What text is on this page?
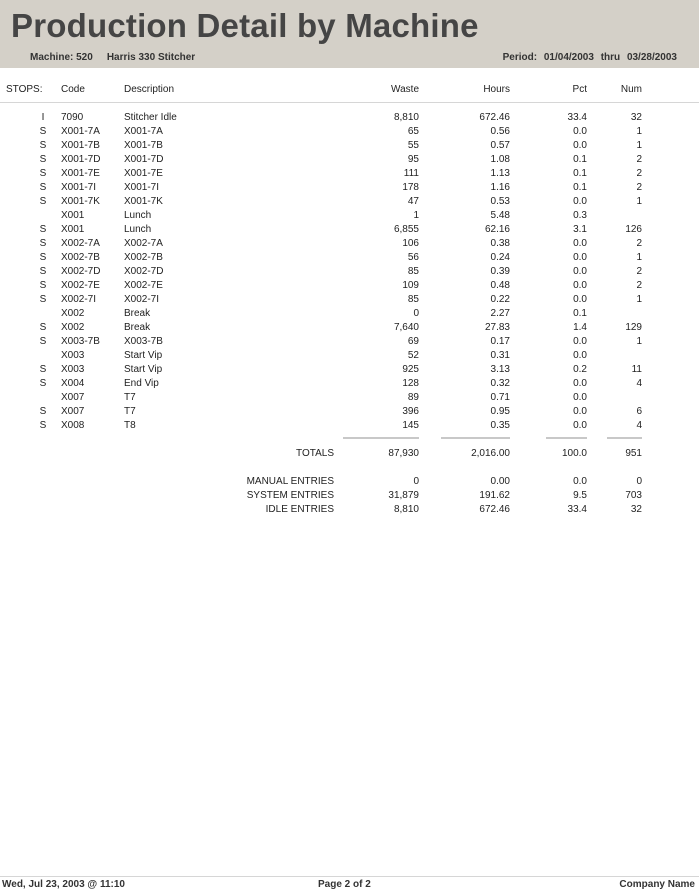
Production Detail by Machine
Machine: 520 Harris 330 Stitcher	Period: 01/04/2003 thru 03/28/2003
STOPS: Code	Description	Waste	Hours	Pct	Num
I	7090	Stitcher Idle	8,810	672.46	33.4	32
S X001-7A X001-7A	65	0.56	0.0	1
S X001-7B X001-7B	55	0.57	0.0	1
S X001-7D X001-7D	95	1.08	0.1	2
S X001-7E X001-7E	111	1.13	0.1	2
S X001-7I	X001-7I	178	1.16	0.1	2
S X001-7K X001-7K	47	0.53	0.0	1
X001	Lunch	1	5.48	0.3
S X001	Lunch	6,855	62.16	3.1	126
S X002-7A X002-7A	106	0.38	0.0	2
S X002-7B X002-7B	56	0.24	0.0	1
S X002-7D X002-7D	85	0.39	0.0	2
S X002-7E X002-7E	109	0.48	0.0	2
S X002-7I	X002-7I	85	0.22	0.0	1
X002	Break	0	2.27	0.1
S X002	Break	7,640	27.83	1.4	129
S X003-7B X003-7B	69	0.17	0.0	1
X003	Start Vip	52	0.31	0.0
S X003	Start Vip	925	3.13	0.2	11
S X004	End Vip	128	0.32	0.0	4
X007	T7	89	0.71	0.0
S X007	T7	396	0.95	0.0	6
S X008	T8	145	0.35	0.0	4
TOTALS	87,930	2,016.00	100.0	951
MANUAL ENTRIES	0	0.00	0.0	0
SYSTEM ENTRIES	31,879	191.62	9.5	703
IDLE ENTRIES	8,810	672.46	33.4	32
Wed, Jul 23, 2003 @ 11:10	Page 2 of 2	Company Name
